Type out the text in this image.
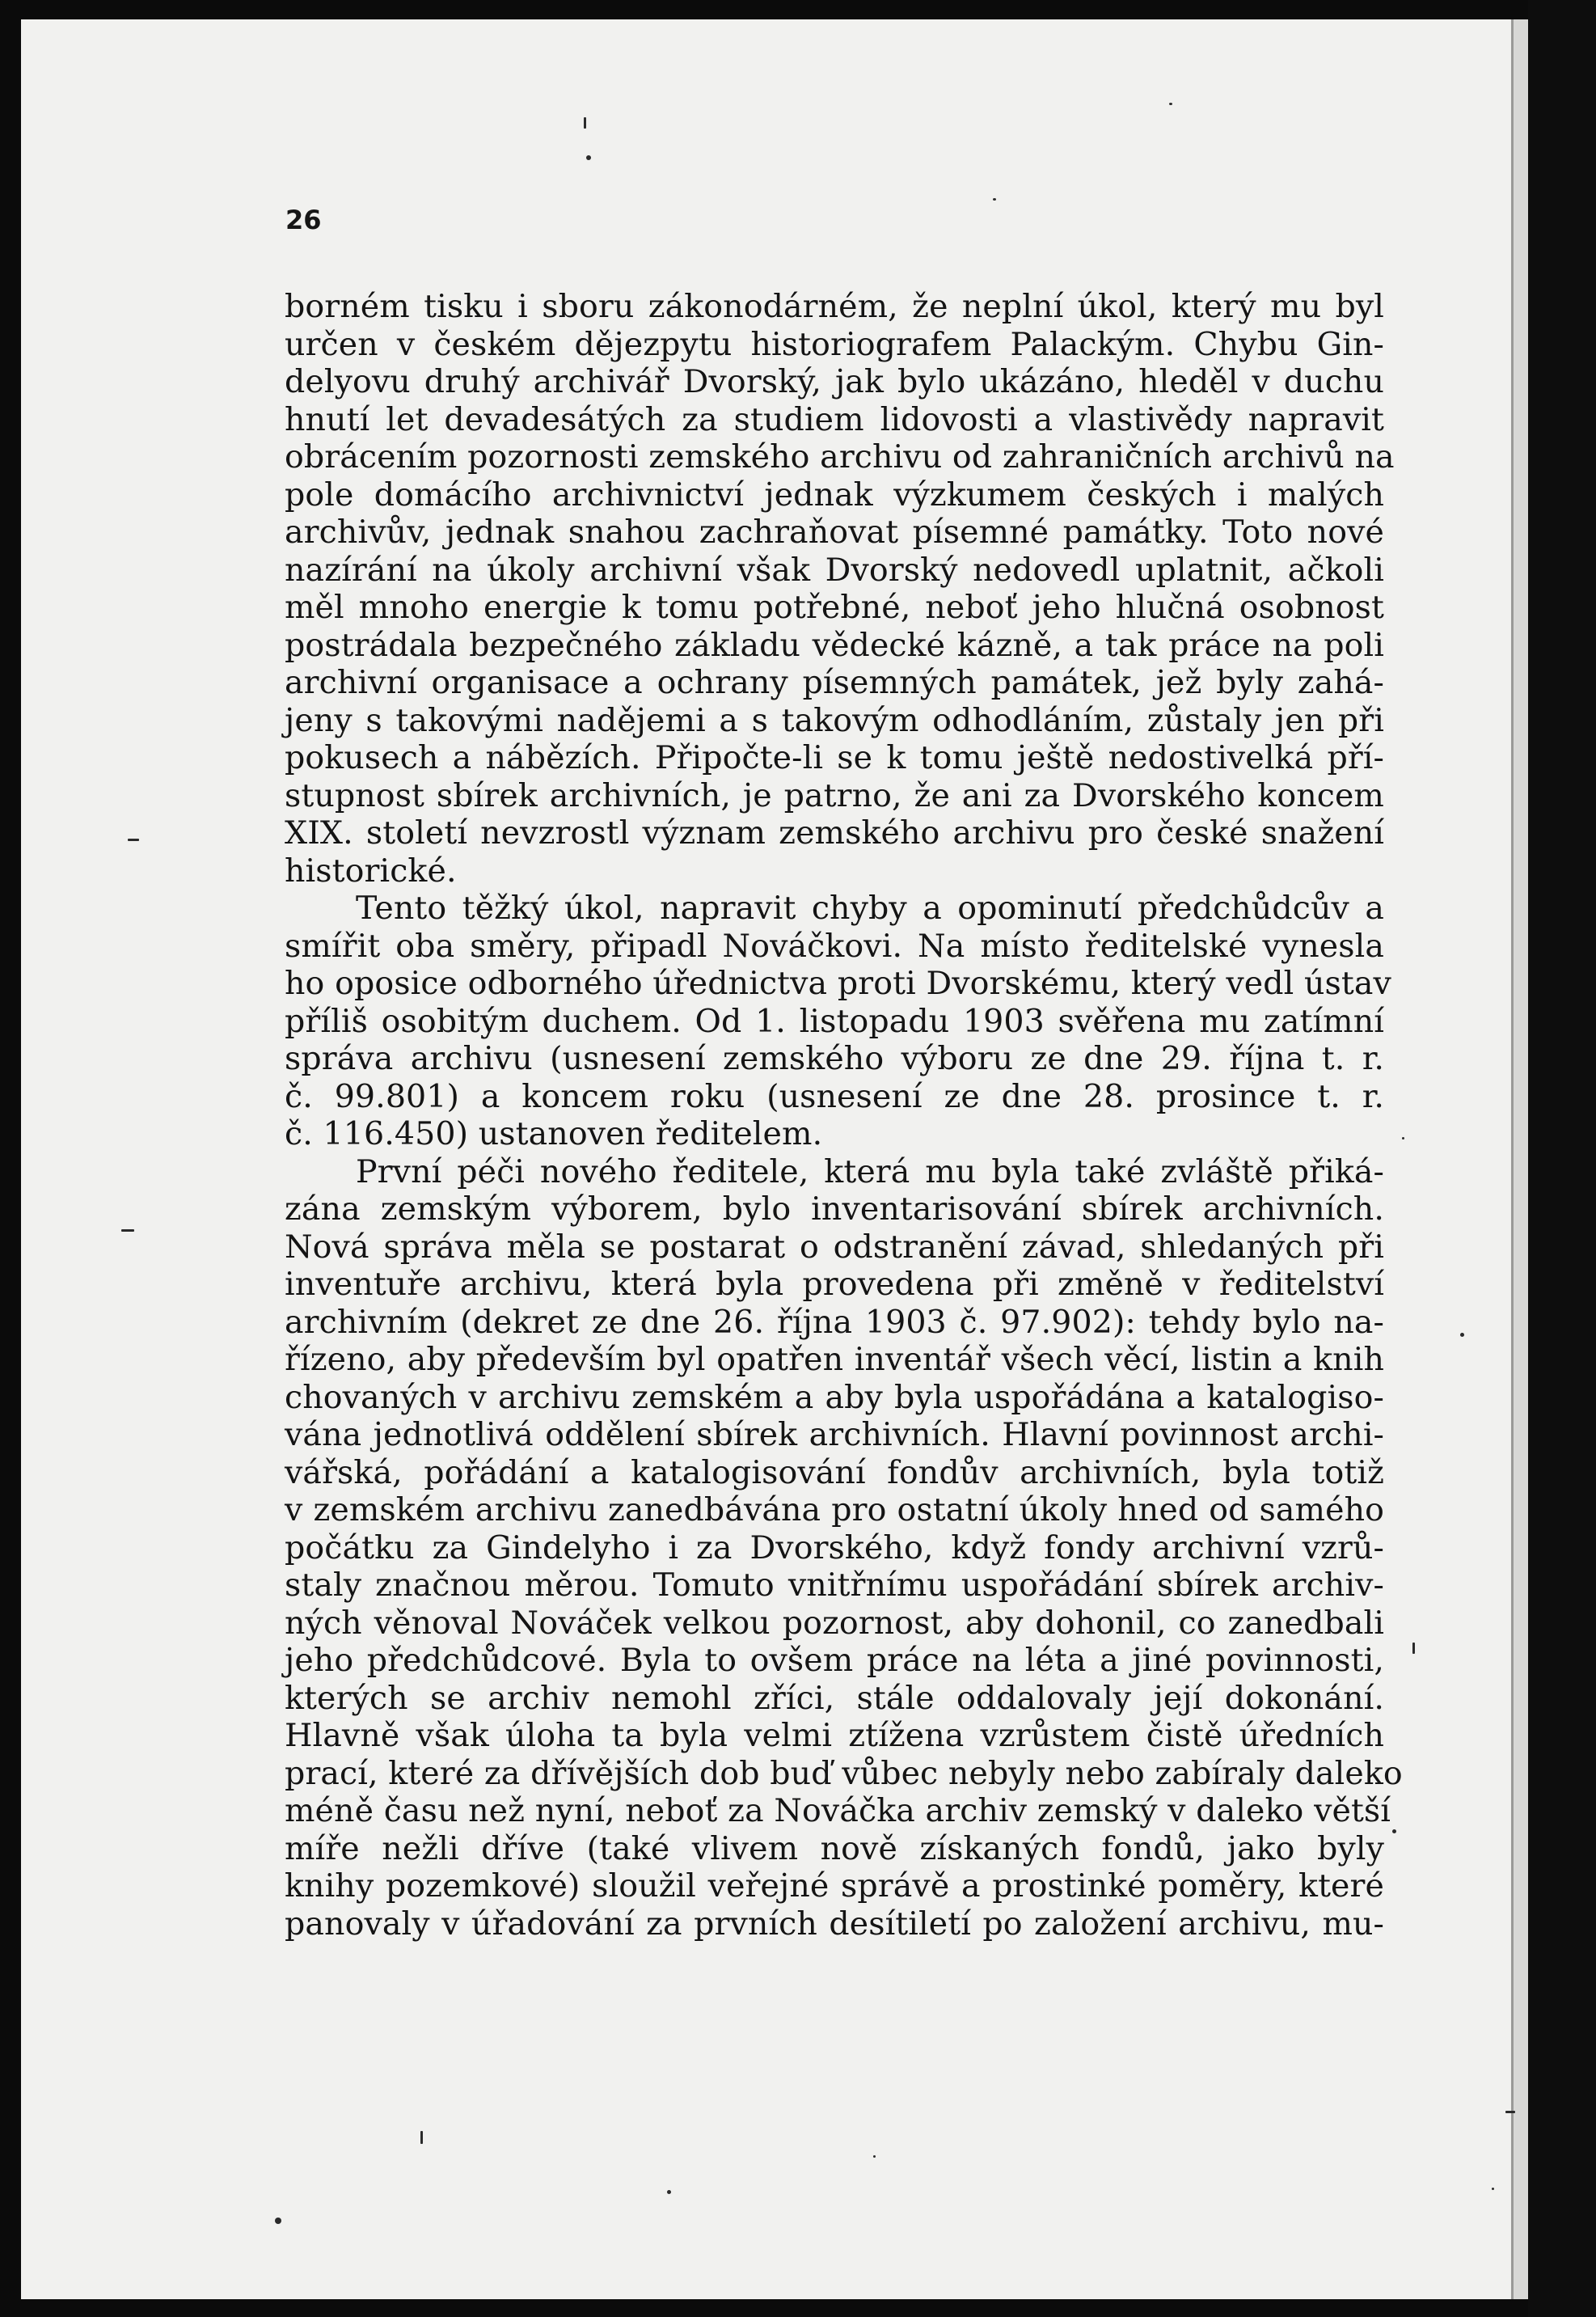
26
borném tisku i sboru zákonodárném, že neplní úkol, který mu byl
určen v českém dějezpytu historiografem Palackým. Chybu Gin-
delyovu druhý archivář Dvorský, jak bylo ukázáno, hleděl v duchu
hnutí let devadesátých za studiem lidovosti a vlastivědy napravit
obrácením pozornosti zemského archivu od zahraničních archivů na
pole domácího archivnictví jednak výzkumem českých i malých
archivův, jednak snahou zachraňovat písemné památky. Toto nové
nazírání na úkoly archivní však Dvorský nedovedl uplatnit, ačkoli
měl mnoho energie k tomu potřebné, neboť jeho hlučná osobnost
postrádala bezpečného základu vědecké kázně, a tak práce na poli
archivní organisace a ochrany písemných památek, jež byly zahá-
jeny s takovými nadějemi a s takovým odhodláním, zůstaly jen při
pokusech a nábězích. Připočte-li se k tomu ještě nedostivelká pří-
stupnost sbírek archivních, je patrno, že ani za Dvorského koncem
XIX. století nevzrostl význam zemského archivu pro české snažení
historické.
Tento těžký úkol, napravit chyby a opominutí předchůdcův a
smířit oba směry, připadl Nováčkovi. Na místo ředitelské vynesla
ho oposice odborného úřednictva proti Dvorskému, který vedl ústav
příliš osobitým duchem. Od 1. listopadu 1903 svěřena mu zatímní
správa archivu (usnesení zemského výboru ze dne 29. října t. r.
č. 99.801) a koncem roku (usnesení ze dne 28. prosince t. r.
č. 116.450) ustanoven ředitelem.
První péči nového ředitele, která mu byla také zvláště přiká-
zána zemským výborem, bylo inventarisování sbírek archivních.
Nová správa měla se postarat o odstranění závad, shledaných při
inventuře archivu, která byla provedena při změně v ředitelství
archivním (dekret ze dne 26. října 1903 č. 97.902): tehdy bylo na-
řízeno, aby především byl opatřen inventář všech věcí, listin a knih
chovaných v archivu zemském a aby byla uspořádána a katalogiso-
vána jednotlivá oddělení sbírek archivních. Hlavní povinnost archi-
vářská, pořádání a katalogisování fondův archivních, byla totiž
v zemském archivu zanedbávána pro ostatní úkoly hned od samého
počátku za Gindelyho i za Dvorského, když fondy archivní vzrů-
staly značnou měrou. Tomuto vnitřnímu uspořádání sbírek archiv-
ných věnoval Nováček velkou pozornost, aby dohonil, co zanedbali
jeho předchůdcové. Byla to ovšem práce na léta a jiné povinnosti,
kterých se archiv nemohl zříci, stále oddalovaly její dokonání.
Hlavně však úloha ta byla velmi ztížena vzrůstem čistě úředních
prací, které za dřívějších dob buď vůbec nebyly nebo zabíraly daleko
méně času než nyní, neboť za Nováčka archiv zemský v daleko větší
míře nežli dříve (také vlivem nově získaných fondů, jako byly
knihy pozemkové) sloužil veřejné správě a prostinké poměry, které
panovaly v úřadování za prvních desítiletí po založení archivu, mu-
